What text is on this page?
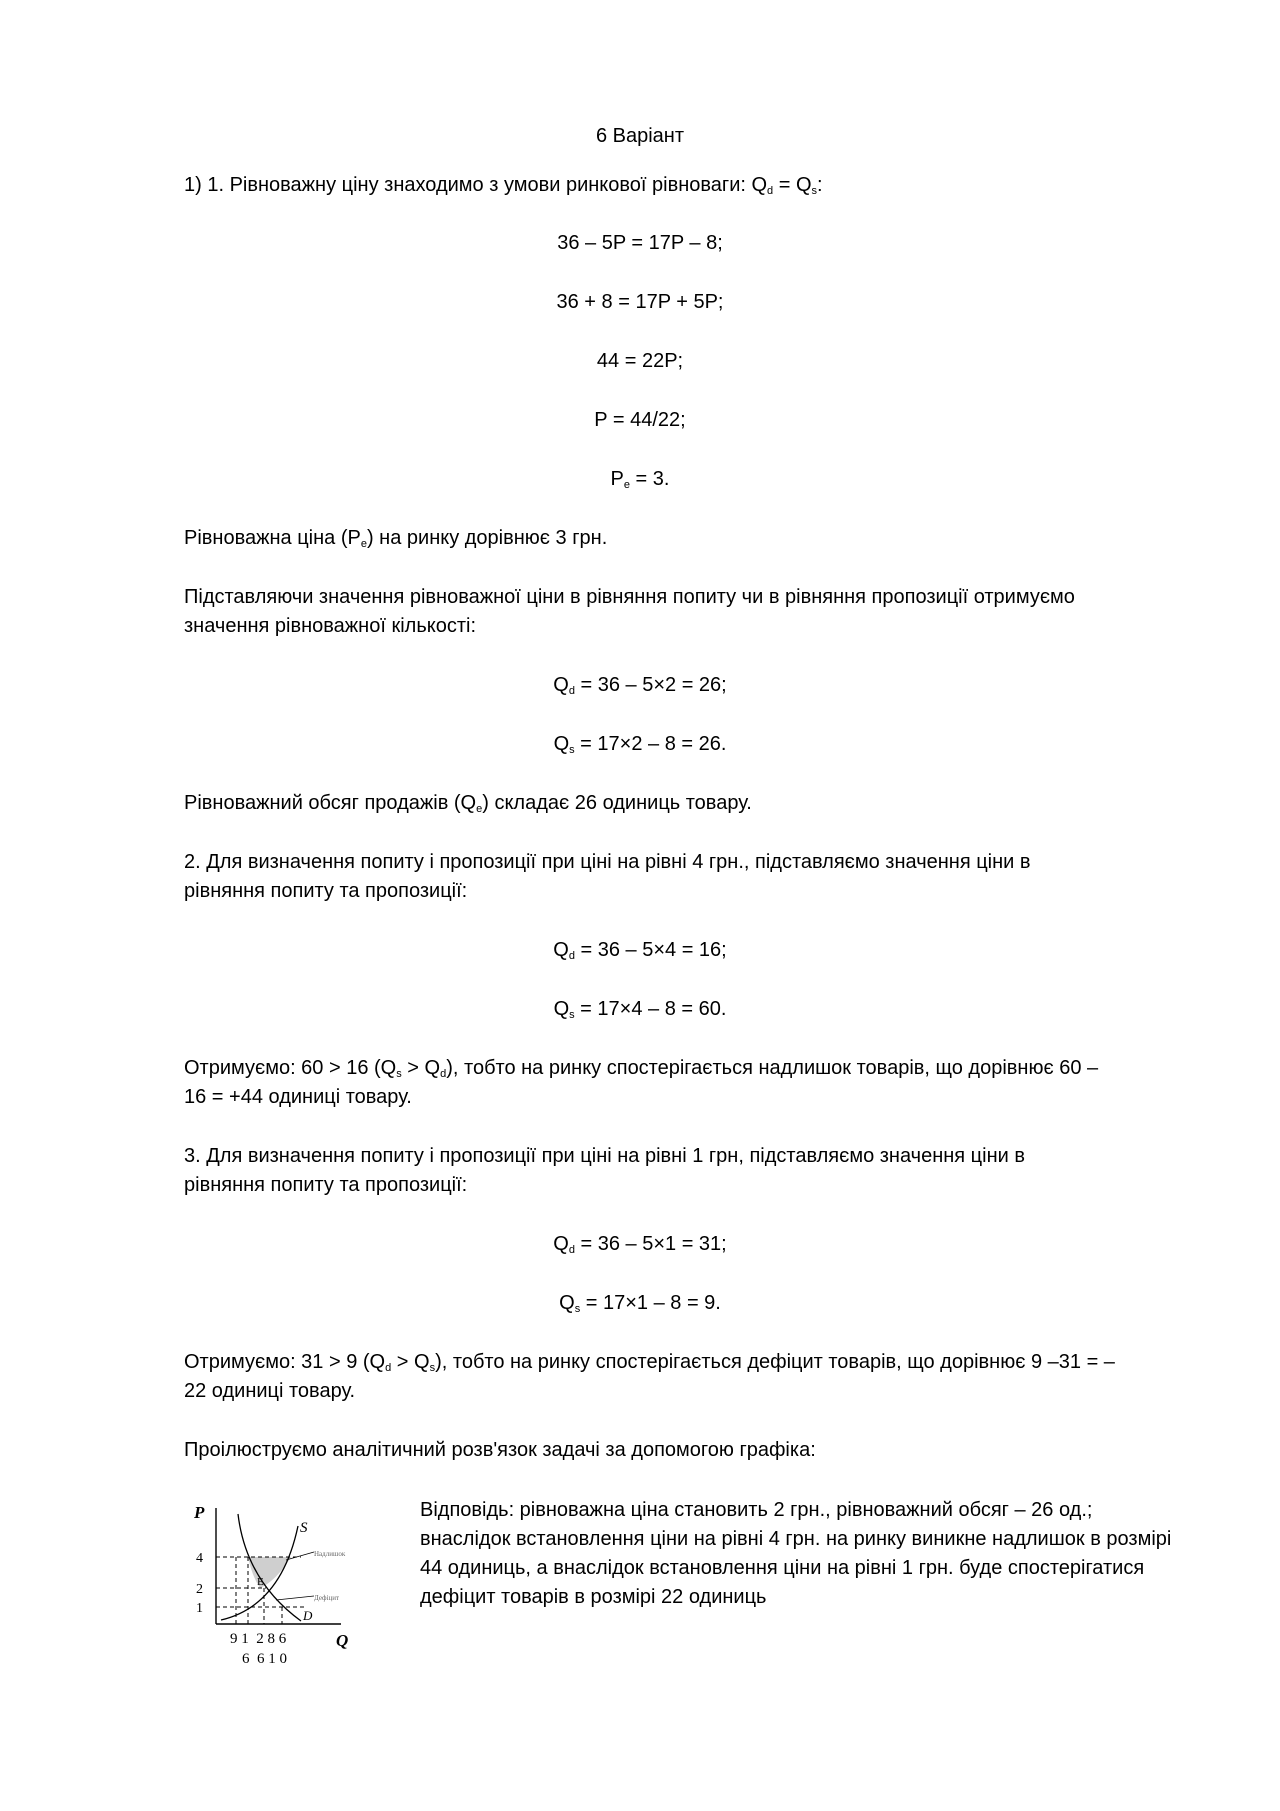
6 Варіант
1) 1. Рівноважну ціну знаходимо з умови ринкової рівноваги: $Q_d = Q_s$:
36 – 5P = 17P – 8;
36 + 8 = 17P + 5P;
44 = 22P;
P = 44/22;
$P_e = 3$.
Рівноважна ціна $(P_e)$ на ринку дорівнює 3 грн.
Підставляючи значення рівноважної ціни в рівняння попиту чи в рівняння пропозиції отримуємо
значення рівноважної кількості:
$Q_d = 36 - 5\times 2 = 26$;
$Q_s = 17\times 2 - 8 = 26$.
Рівноважний обсяг продажів $(Q_e)$ складає 26 одиниць товару.
2. Для визначення попиту і пропозиції при ціні на рівні 4 грн., підставляємо значення ціни в
рівняння попиту та пропозиції:
$Q_d = 36 - 5\times 4 = 16$;
$Q_s = 17\times 4 - 8 = 60$.
Отримуємо: 60 > 16 $(Q_s > Q_d)$, тобто на ринку спостерігається надлишок товарів, що дорівнює 60 –
16 = +44 одиниці товару.
3. Для визначення попиту і пропозиції при ціні на рівні 1 грн, підставляємо значення ціни в
рівняння попиту та пропозиції:
$Q_d = 36 - 5\times 1 = 31$;
$Q_s = 17\times 1 - 8 = 9$.
Отримуємо: 31 > 9 $(Q_d > Q_s)$, тобто на ринку спостерігається дефіцит товарів, що дорівнює 9 –31 = –
22 одиниці товару.
Проілюструємо аналітичний розв'язок задачі за допомогою графіка:
P
Q
S
D
E
Надлишок
Дефіцит
4
2
1
9 1  2 8 6
6  6 1 0
Відповідь: рівноважна ціна становить 2 грн., рівноважний обсяг – 26 од.; внаслідок встановлення ціни на рівні 4 грн. на ринку виникне надлишок в розмірі 44 одиниць, а внаслідок встановлення ціни на рівні 1 грн. буде спостерігатися дефіцит товарів в розмірі 22 одиниць
